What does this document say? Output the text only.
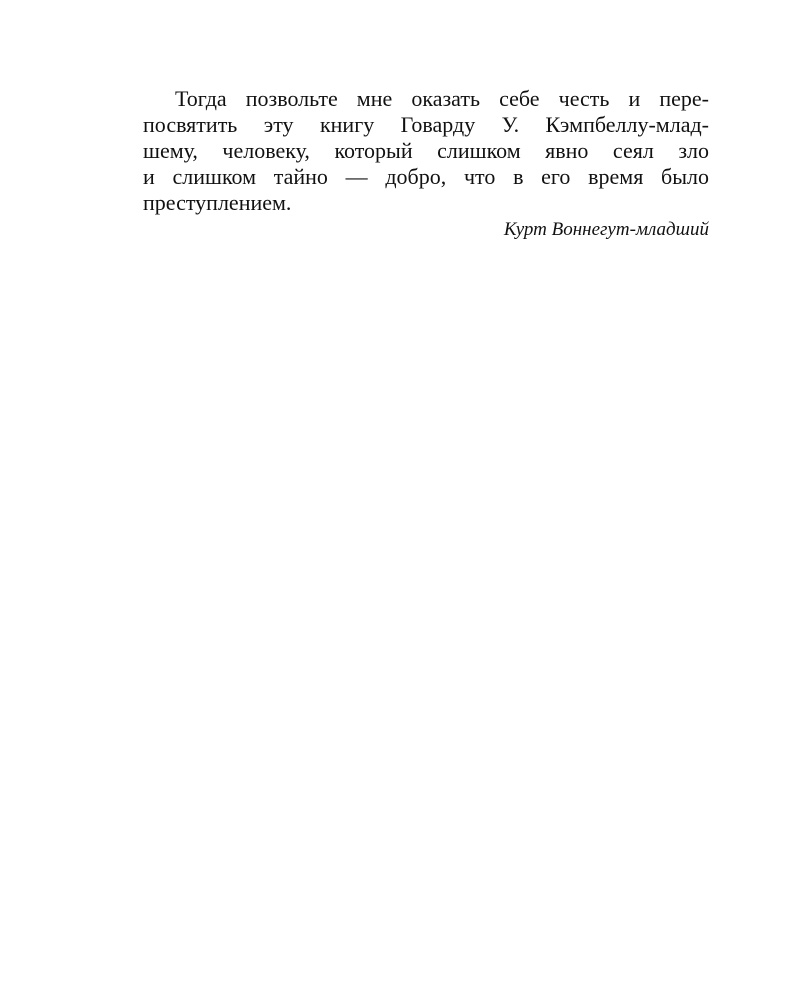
Тогда позвольте мне оказать себе честь и пере-
посвятить эту книгу Говарду У. Кэмпбеллу-млад-
шему, человеку, который слишком явно сеял зло
и слишком тайно — добро, что в его время было
преступлением.
Курт Воннегут-младший
